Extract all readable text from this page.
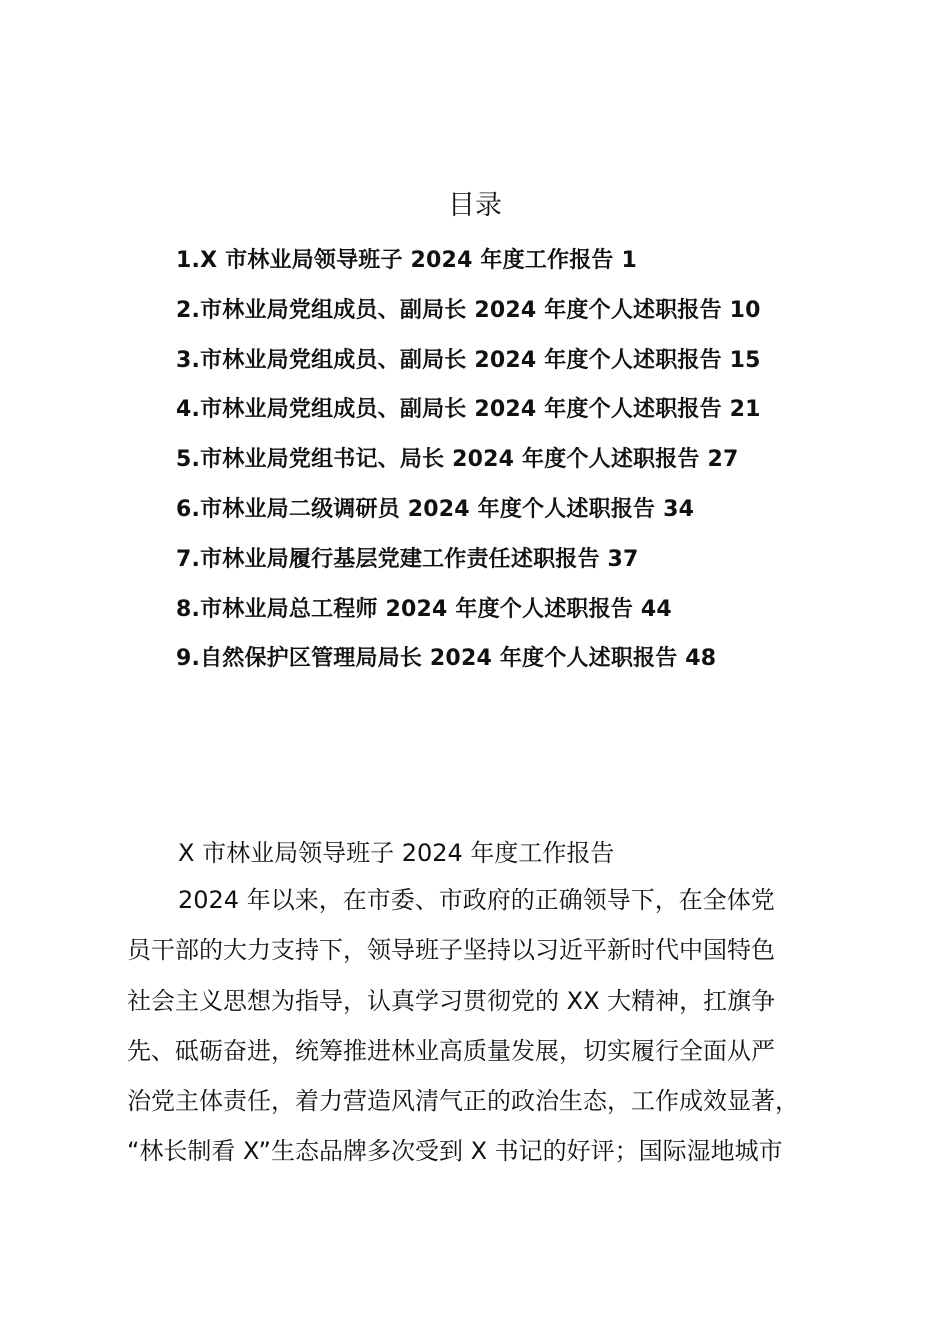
目录
1.X 市林业局领导班子 2024 年度工作报告 1
2.市林业局党组成员、副局长 2024 年度个人述职报告 10
3.市林业局党组成员、副局长 2024 年度个人述职报告 15
4.市林业局党组成员、副局长 2024 年度个人述职报告 21
5.市林业局党组书记、局长 2024 年度个人述职报告 27
6.市林业局二级调研员 2024 年度个人述职报告 34
7.市林业局履行基层党建工作责任述职报告 37
8.市林业局总工程师 2024 年度个人述职报告 44
9.自然保护区管理局局长 2024 年度个人述职报告 48
X 市林业局领导班子 2024 年度工作报告

2024 年以来，在市委、市政府的正确领导下，在全体党

员干部的大力支持下，领导班子坚持以习近平新时代中国特色

社会主义思想为指导，认真学习贯彻党的 XX 大精神，扛旗争

先、砥砺奋进，统筹推进林业高质量发展，切实履行全面从严

治党主体责任，着力营造风清气正的政治生态，工作成效显著，

“林长制看 X”生态品牌多次受到 X 书记的好评；国际湿地城市
